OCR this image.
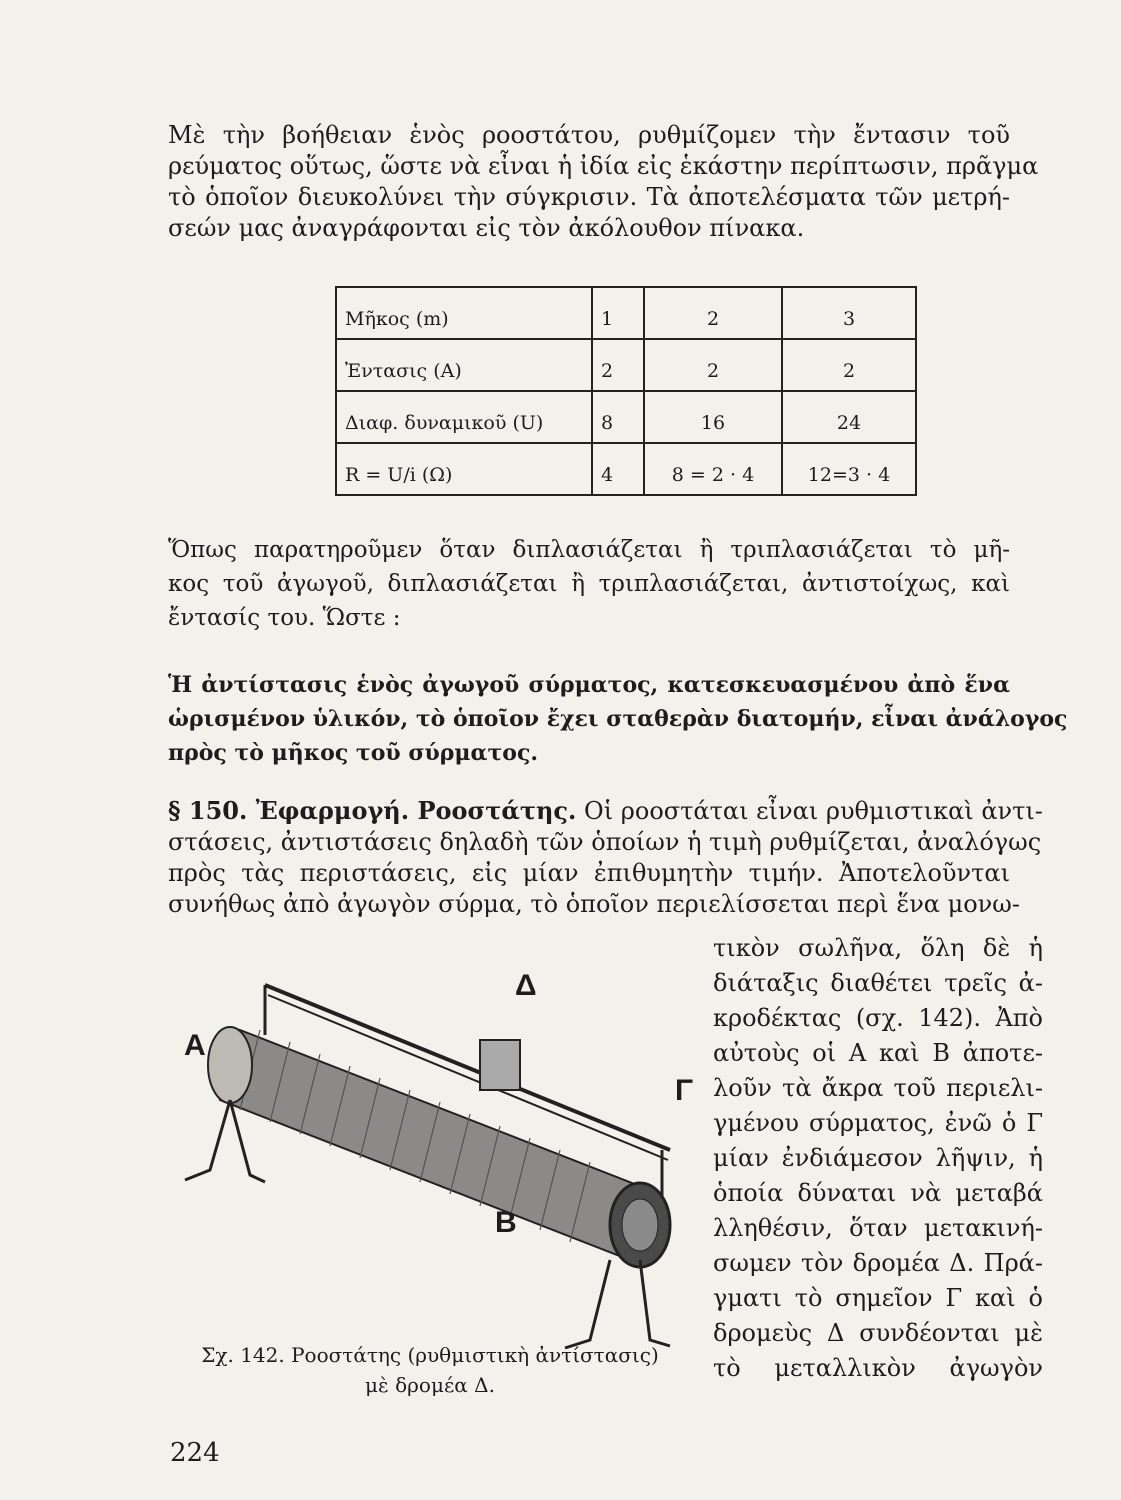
Μὲ τὴν βοήθειαν ἑνὸς ροοστάτου, ρυθμίζομεν τὴν ἔντασιν τοῦ
ρεύματος οὕτως, ὥστε νὰ εἶναι ἡ ἰδία εἰς ἑκάστην περίπτωσιν, πρᾶγμα
τὸ ὁποῖον διευκολύνει τὴν σύγκρισιν. Τὰ ἀποτελέσματα τῶν μετρή-
σεών μας ἀναγράφονται εἰς τὸν ἀκόλουθον πίνακα.
Μῆκος (m)	1	2	3
Ἐντασις (A)	2	2	2
Διαφ. δυναμικοῦ (U)	8	16	24
R = U/i (Ω)	4	8 = 2 · 4	12=3 · 4
Ὅπως παρατηροῦμεν ὅταν διπλασιάζεται ἢ τριπλασιάζεται τὸ μῆ-
κος τοῦ ἀγωγοῦ, διπλασιάζεται ἢ τριπλασιάζεται, ἀντιστοίχως, καὶ
ἔντασίς του. Ὥστε :
Ἡ ἀντίστασις ἑνὸς ἀγωγοῦ σύρματος, κατεσκευασμένου ἀπὸ ἕνα
ὡρισμένον ὑλικόν, τὸ ὁποῖον ἔχει σταθερὰν διατομήν, εἶναι ἀνάλογος
πρὸς τὸ μῆκος τοῦ σύρματος.
§ 150. Ἐφαρμογή. Ροοστάτης. Οἱ ροοστάται εἶναι ρυθμιστικαὶ ἀντι-
στάσεις, ἀντιστάσεις δηλαδὴ τῶν ὁποίων ἡ τιμὴ ρυθμίζεται, ἀναλόγως
πρὸς τὰς περιστάσεις, εἰς μίαν ἐπιθυμητὴν τιμήν. Ἀποτελοῦνται
συνήθως ἀπὸ ἀγωγὸν σύρμα, τὸ ὁποῖον περιελίσσεται περὶ ἕνα μονω-
Α
Δ
Γ
Β
Σχ. 142. Ροοστάτης (ρυθμιστικὴ ἀντίστασις)
μὲ δρομέα Δ.
τικὸν σωλῆνα, ὅλη δὲ ἡ
διάταξις διαθέτει τρεῖς ἀ-
κροδέκτας (σχ. 142). Ἀπὸ
αὐτοὺς οἱ Α καὶ Β ἀποτε-
λοῦν τὰ ἄκρα τοῦ περιελι-
γμένου σύρματος, ἐνῶ ὁ Γ
μίαν ἐνδιάμεσον λῆψιν, ἡ
ὁποία δύναται νὰ μεταβά
λληθέσιν, ὅταν μετακινή-
σωμεν τὸν δρομέα Δ. Πρά-
γματι τὸ σημεῖον Γ καὶ ὁ
δρομεὺς Δ συνδέονται μὲ
τὸ μεταλλικὸν ἀγωγὸν
224
